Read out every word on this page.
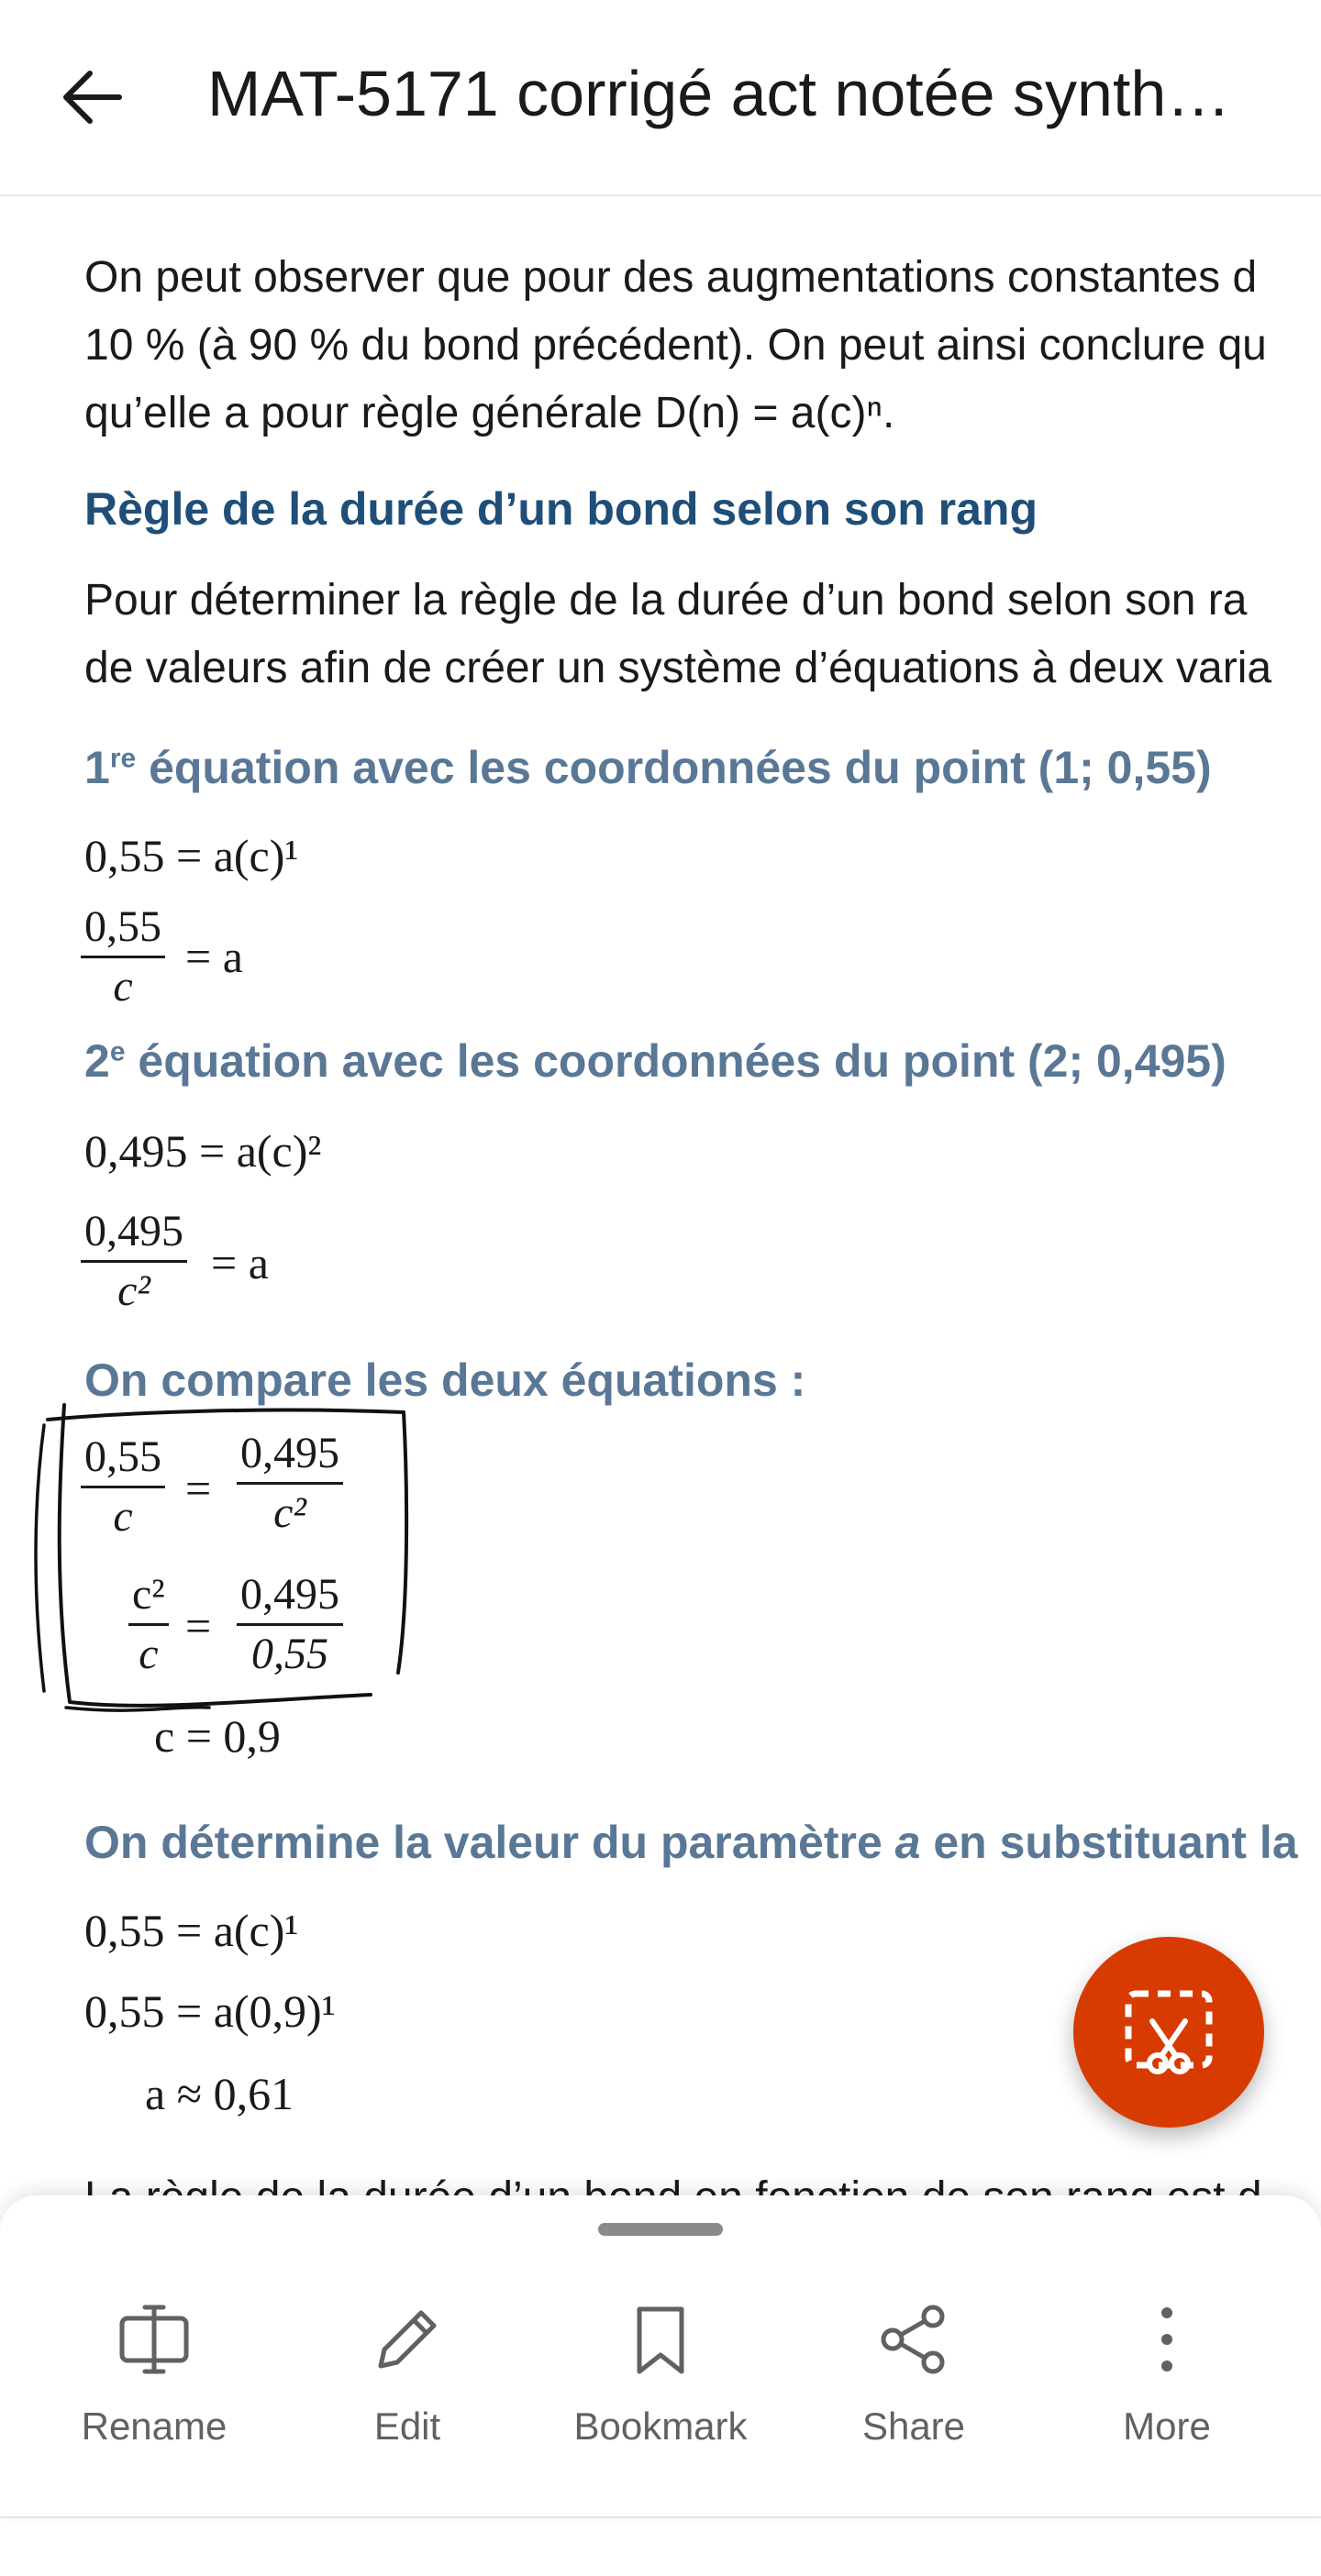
MAT-5171 corrigé act notée synth…
On peut observer que pour des augmentations constantes d
10 % (à 90 % du bond précédent). On peut ainsi conclure qu
qu’elle a pour règle générale D(n) = a(c)ⁿ.
Règle de la durée d’un bond selon son rang
Pour déterminer la règle de la durée d’un bond selon son ra
de valeurs afin de créer un système d’équations à deux varia
1re équation avec les coordonnées du point (1; 0,55)
0,55 = a(c)¹
$\frac{0,55}{c} = a$
2e équation avec les coordonnées du point (2; 0,495)
0,495 = a(c)²
$\frac{0,495}{\text{c²}} = a$
On compare les deux équations :
$\frac{0,55}{c} = \frac{0,495}{\text{c²}}$
$\frac{\text{c²}}{c} = \frac{0,495}{0,55}$
c = 0,9
On détermine la valeur du paramètre a en substituant la
0,55 = a(c)¹
0,55 = a(0,9)¹
a ≈ 0,61
Rename	Edit	Bookmark	Share	More
